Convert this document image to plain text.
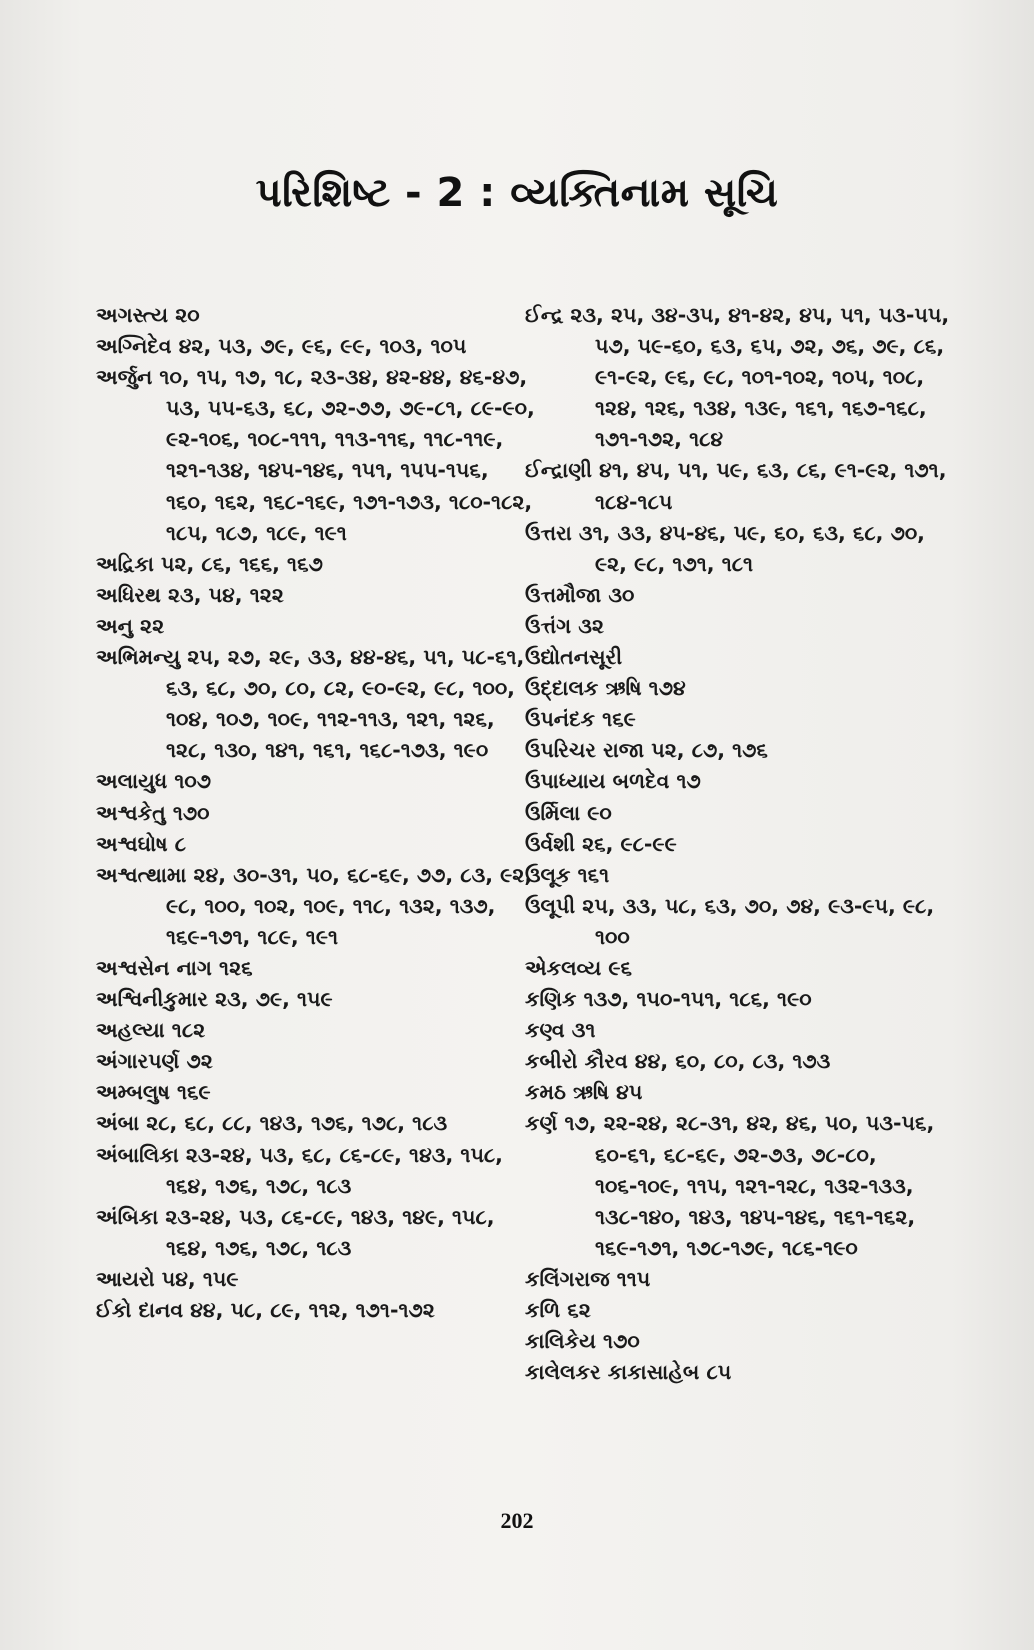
પરિશિષ્ટ - 2 : વ્યક્તિનામ સૂચિ
અગસ્ત્ય ૨૦
અગ્નિદેવ ૪૨, ૫૩, ૭૯, ૯૬, ૯૯, ૧૦૩, ૧૦૫
અર્જુન ૧૦, ૧૫, ૧૭, ૧૮, ૨૩-૩૪, ૪૨-૪૪, ૪૬-૪૭, ૫૩, ૫૫-૬૩, ૬૮, ૭૨-૭૭, ૭૯-૮૧, ૮૯-૯૦, ૯૨-૧૦૬, ૧૦૮-૧૧૧, ૧૧૩-૧૧૬, ૧૧૮-૧૧૯, ૧૨૧-૧૩૪, ૧૪૫-૧૪૬, ૧૫૧, ૧૫૫-૧૫૬, ૧૬૦, ૧૬૨, ૧૬૮-૧૬૯, ૧૭૧-૧૭૩, ૧૮૦-૧૮૨, ૧૮૫, ૧૮૭, ૧૮૯, ૧૯૧
અદ્રિકા ૫૨, ૮૬, ૧૬૬, ૧૬૭
અધિરથ ૨૩, ૫૪, ૧૨૨
અનુ ૨૨
અભિમન્યુ ૨૫, ૨૭, ૨૯, ૩૩, ૪૪-૪૬, ૫૧, ૫૮-૬૧, ૬૩, ૬૮, ૭૦, ૮૦, ૮૨, ૯૦-૯૨, ૯૮, ૧૦૦, ૧૦૪, ૧૦૭, ૧૦૯, ૧૧૨-૧૧૩, ૧૨૧, ૧૨૬, ૧૨૮, ૧૩૦, ૧૪૧, ૧૬૧, ૧૬૮-૧૭૩, ૧૯૦
અલાયુધ ૧૦૭
અશ્વકેતુ ૧૭૦
અશ્વઘોષ ૮
અશ્વત્થામા ૨૪, ૩૦-૩૧, ૫૦, ૬૮-૬૯, ૭૭, ૮૩, ૯૨, ૯૮, ૧૦૦, ૧૦૨, ૧૦૯, ૧૧૮, ૧૩૨, ૧૩૭, ૧૬૯-૧૭૧, ૧૮૯, ૧૯૧
અશ્વસેન નાગ ૧૨૬
અશ્વિનીકુમાર ૨૩, ૭૯, ૧૫૯
અહલ્યા ૧૮૨
અંગારપર્ણ ૭૨
અમ્બલુષ ૧૬૯
અંબા ૨૮, ૬૮, ૮૮, ૧૪૩, ૧૭૬, ૧૭૮, ૧૮૩
અંબાલિકા ૨૩-૨૪, ૫૩, ૬૮, ૮૬-૮૯, ૧૪૩, ૧૫૮, ૧૬૪, ૧૭૬, ૧૭૮, ૧૮૩
અંબિકા ૨૩-૨૪, ૫૩, ૮૬-૮૯, ૧૪૩, ૧૪૯, ૧૫૮, ૧૬૪, ૧૭૬, ૧૭૮, ૧૮૩
આયરો ૫૪, ૧૫૯
ઈકો દાનવ ૪૪, ૫૮, ૮૯, ૧૧૨, ૧૭૧-૧૭૨
ઈન્દ્ર ૨૩, ૨૫, ૩૪-૩૫, ૪૧-૪૨, ૪૫, ૫૧, ૫૩-૫૫, ૫૭, ૫૯-૬૦, ૬૩, ૬૫, ૭૨, ૭૬, ૭૯, ૮૬, ૯૧-૯૨, ૯૬, ૯૮, ૧૦૧-૧૦૨, ૧૦૫, ૧૦૮, ૧૨૪, ૧૨૬, ૧૩૪, ૧૩૯, ૧૬૧, ૧૬૭-૧૬૮, ૧૭૧-૧૭૨, ૧૮૪
ઈન્દ્રાણી ૪૧, ૪૫, ૫૧, ૫૯, ૬૩, ૮૬, ૯૧-૯૨, ૧૭૧, ૧૮૪-૧૮૫
ઉત્તરા ૩૧, ૩૩, ૪૫-૪૬, ૫૯, ૬૦, ૬૩, ૬૮, ૭૦, ૯૨, ૯૮, ૧૭૧, ૧૮૧
ઉત્તમૌજા ૩૦
ઉત્તંગ ૩૨
ઉદ્યોતનસૂરી
ઉદ્દાલક ઋષિ ૧૭૪
ઉપનંદક ૧૬૯
ઉપરિચર રાજા ૫૨, ૮૭, ૧૭૬
ઉપાધ્યાય બળદેવ ૧૭
ઉર્મિલા ૯૦
ઉર્વશી ૨૬, ૯૮-૯૯
ઉલૂક ૧૬૧
ઉલૂપી ૨૫, ૩૩, ૫૮, ૬૩, ૭૦, ૭૪, ૯૩-૯૫, ૯૮, ૧૦૦
એકલવ્ય ૯૬
કણિક ૧૩૭, ૧૫૦-૧૫૧, ૧૮૬, ૧૯૦
કણ્વ ૩૧
કબીરો કૌરવ ૪૪, ૬૦, ૮૦, ૮૩, ૧૭૩
કમઠ ઋષિ ૪૫
કર્ણ ૧૭, ૨૨-૨૪, ૨૮-૩૧, ૪૨, ૪૬, ૫૦, ૫૩-૫૬, ૬૦-૬૧, ૬૮-૬૯, ૭૨-૭૩, ૭૮-૮૦, ૧૦૬-૧૦૯, ૧૧૫, ૧૨૧-૧૨૮, ૧૩૨-૧૩૩, ૧૩૮-૧૪૦, ૧૪૩, ૧૪૫-૧૪૬, ૧૬૧-૧૬૨, ૧૬૯-૧૭૧, ૧૭૮-૧૭૯, ૧૮૬-૧૯૦
કલિંગરાજ ૧૧૫
કળિ ૬૨
કાલિકેય ૧૭૦
કાલેલકર કાકાસાહેબ ૮૫
202
